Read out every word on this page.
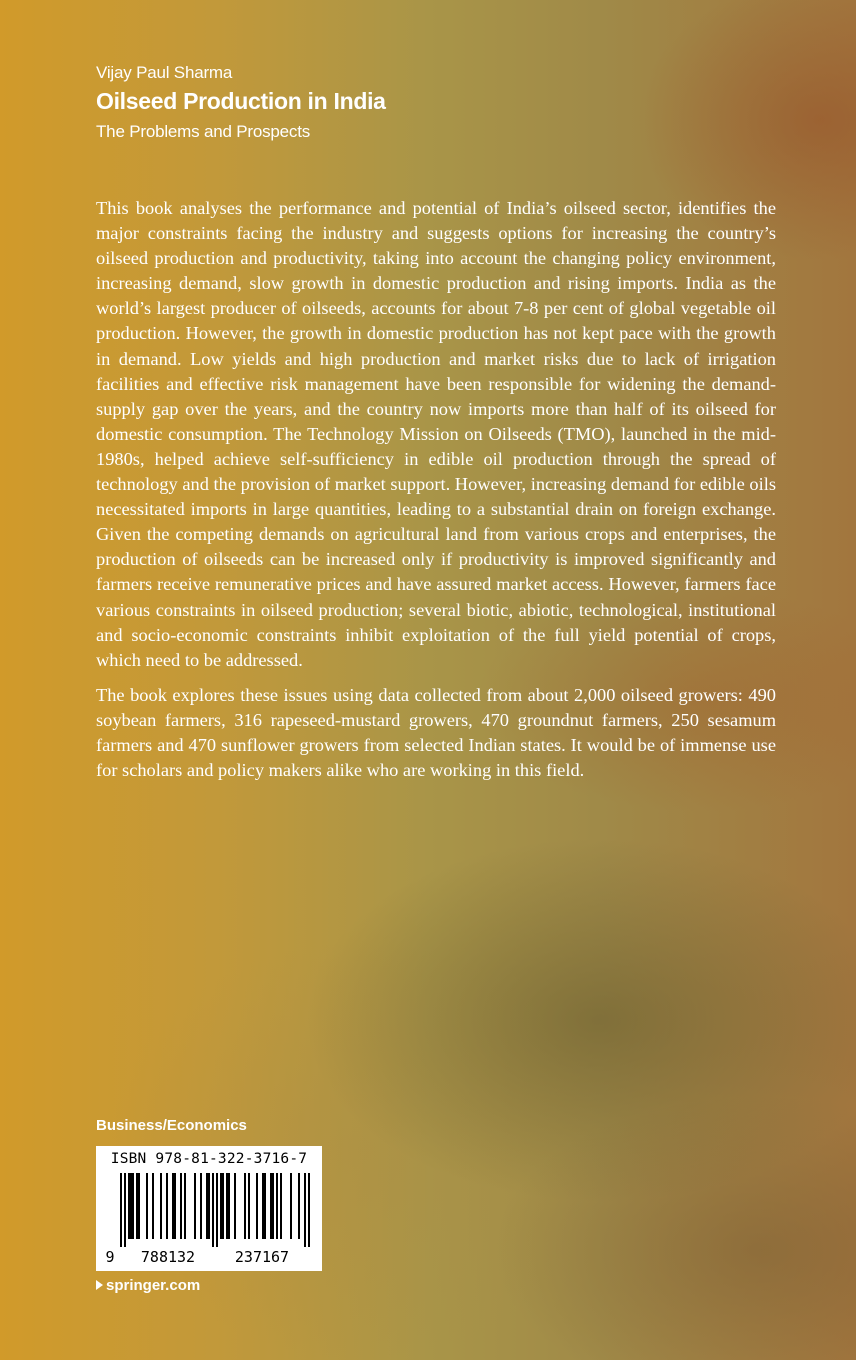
Vijay Paul Sharma
Oilseed Production in India
The Problems and Prospects

This book analyses the performance and potential of India’s oilseed sector, identifies the major constraints facing the industry and suggests options for increasing the country’s oilseed production and productivity, taking into account the changing policy environment, increasing demand, slow growth in domestic production and rising imports. India as the world’s largest producer of oilseeds, accounts for about 7-8 per cent of global vegetable oil production. However, the growth in domestic production has not kept pace with the growth in demand. Low yields and high production and market risks due to lack of irrigation facilities and effective risk management have been responsible for widening the demand-supply gap over the years, and the country now imports more than half of its oilseed for domestic consumption. The Technology Mission on Oilseeds (TMO), launched in the mid-1980s, helped achieve self-sufficiency in edible oil production through the spread of technology and the provision of market support. However, increasing demand for edible oils necessitated imports in large quantities, leading to a substantial drain on foreign exchange. Given the competing demands on agricultural land from various crops and enterprises, the production of oilseeds can be increased only if productivity is improved significantly and farmers receive remunerative prices and have assured market access. However, farmers face various constraints in oilseed production; several biotic, abiotic, technological, institutional and socio-economic constraints inhibit exploitation of the full yield potential of crops, which need to be addressed.

The book explores these issues using data collected from about 2,000 oilseed growers: 490 soybean farmers, 316 rapeseed-mustard growers, 470 groundnut farmers, 250 sesamum farmers and 470 sunflower growers from selected Indian states. It would be of immense use for scholars and policy makers alike who are working in this field.

Business/Economics
ISBN 978-81-322-3716-7
9 788132	237167
springer.com
